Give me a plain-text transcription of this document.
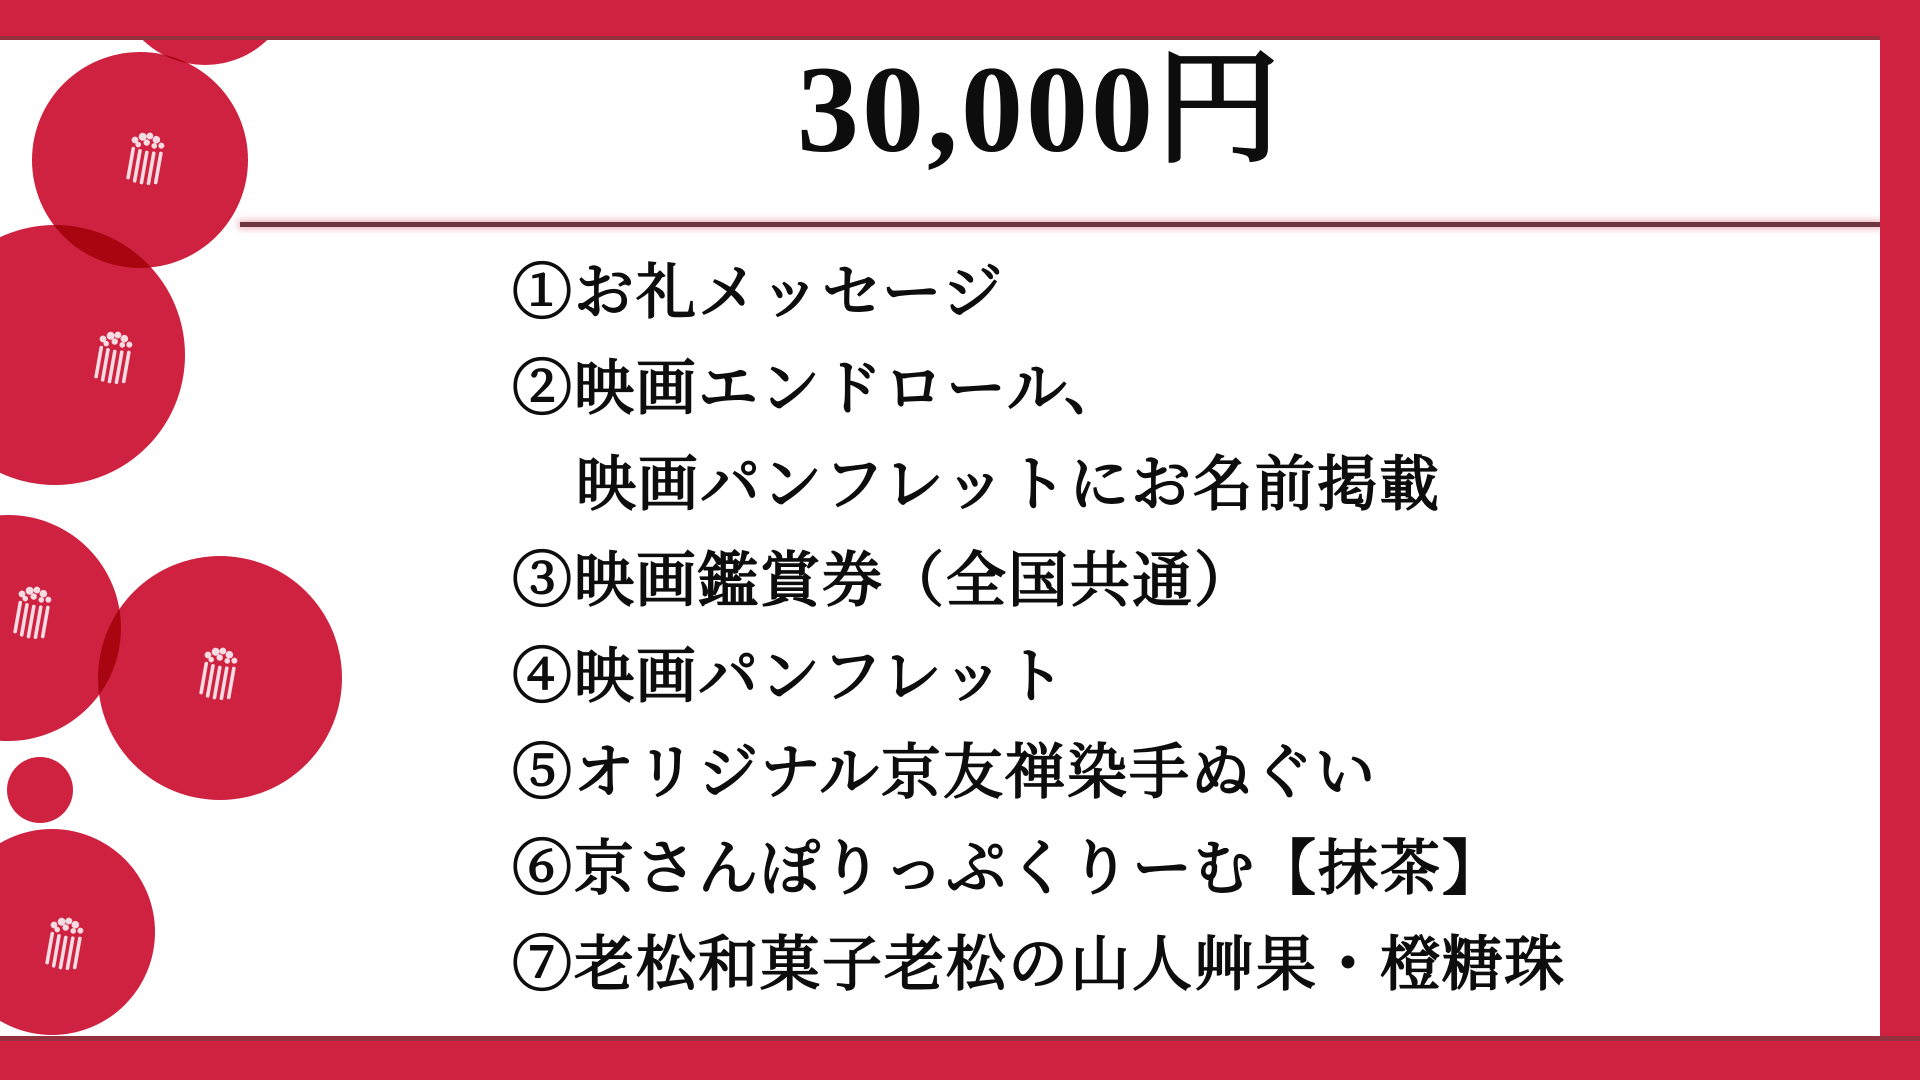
30,000円
①お礼メッセージ
②映画エンドロール、
映画パンフレットにお名前掲載
③映画鑑賞券（全国共通）
④映画パンフレット
⑤オリジナル京友禅染手ぬぐい
⑥京さんぽりっぷくりーむ【抹茶】
⑦老松和菓子老松の山人艸果・橙糖珠
